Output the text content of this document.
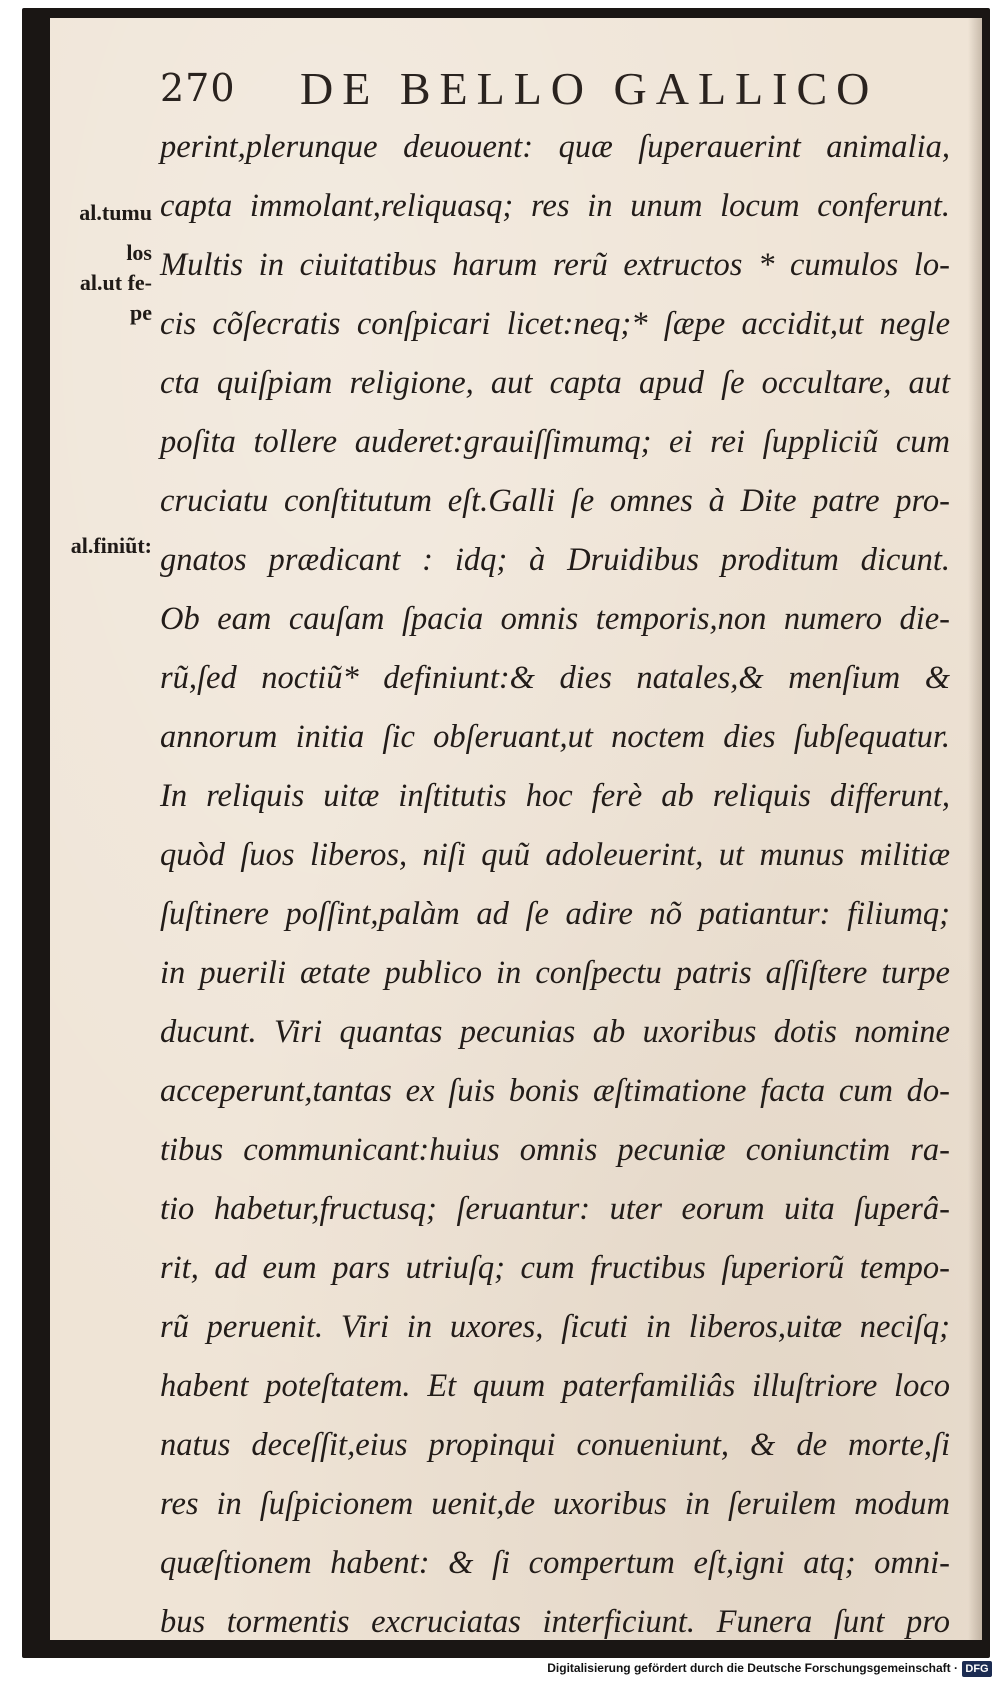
270 DE BELLO GALLICO
al.tumu
los
al.ut fe-
pe
al.finiũt:
perint,plerunque deuouent: quæ ſuperauerint animalia,
capta immolant,reliquasq; res in unum locum conferunt.
Multis in ciuitatibus harum rerũ extructos * cumulos lo-
cis cõſecratis conſpicari licet:neq;* ſæpe accidit,ut negle
cta quiſpiam religione, aut capta apud ſe occultare, aut
poſita tollere auderet:grauiſſimumq; ei rei ſuppliciũ cum
cruciatu conſtitutum eſt.Galli ſe omnes à Dite patre pro-
gnatos prædicant : idq; à Druidibus proditum dicunt.
Ob eam cauſam ſpacia omnis temporis,non numero die-
rũ,ſed noctiũ* definiunt:& dies natales,& menſium &
annorum initia ſic obſeruant,ut noctem dies ſubſequatur.
In reliquis uitæ inſtitutis hoc ferè ab reliquis differunt,
quòd ſuos liberos, niſi quũ adoleuerint, ut munus militiæ
ſuſtinere poſſint,palàm ad ſe adire nõ patiantur: filiumq;
in puerili ætate publico in conſpectu patris aſſiſtere turpe
ducunt. Viri quantas pecunias ab uxoribus dotis nomine
acceperunt,tantas ex ſuis bonis æſtimatione facta cum do-
tibus communicant:huius omnis pecuniæ coniunctim ra-
tio habetur,fructusq; ſeruantur: uter eorum uita ſuperâ-
rit, ad eum pars utriuſq; cum fructibus ſuperiorũ tempo-
rũ peruenit. Viri in uxores, ſicuti in liberos,uitæ neciſq;
habent poteſtatem. Et quum paterfamiliâs illuſtriore loco
natus deceſſit,eius propinqui conueniunt, & de morte,ſi
res in ſuſpicionem uenit,de uxoribus in ſeruilem modum
quæſtionem habent: & ſi compertum eſt,igni atq; omni-
bus tormentis excruciatas interficiunt. Funera ſunt pro
Digitalisierung gefördert durch die Deutsche Forschungsgemeinschaft · DFG
